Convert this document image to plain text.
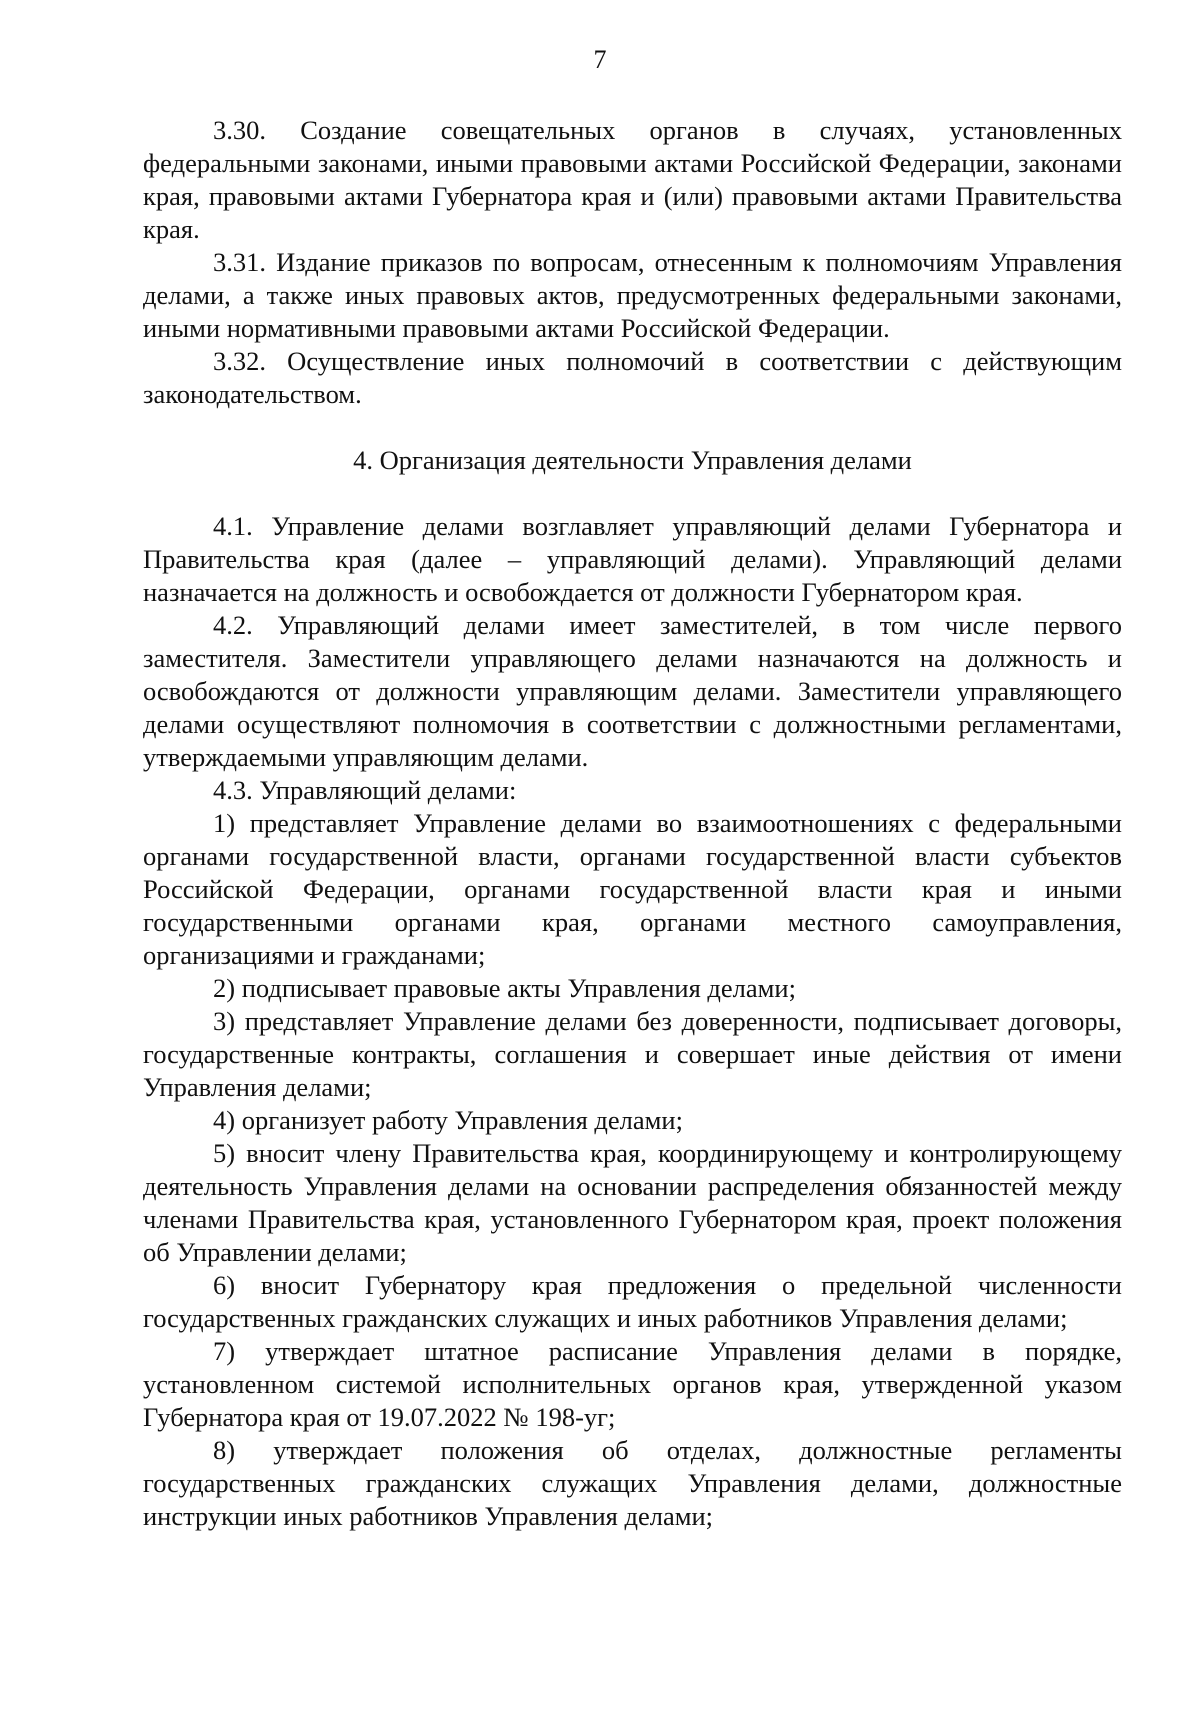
7

3.30. Создание совещательных органов в случаях, установленных федеральными законами, иными правовыми актами Российской Федерации, законами края, правовыми актами Губернатора края и (или) правовыми актами Правительства края.

3.31. Издание приказов по вопросам, отнесенным к полномочиям Управления делами, а также иных правовых актов, предусмотренных федеральными законами, иными нормативными правовыми актами Российской Федерации.

3.32. Осуществление иных полномочий в соответствии с действующим законодательством.

4. Организация деятельности Управления делами

4.1. Управление делами возглавляет управляющий делами Губернатора и Правительства края (далее – управляющий делами). Управляющий делами назначается на должность и освобождается от должности Губернатором края.

4.2. Управляющий делами имеет заместителей, в том числе первого заместителя. Заместители управляющего делами назначаются на должность и освобождаются от должности управляющим делами. Заместители управляющего делами осуществляют полномочия в соответствии с должностными регламентами, утверждаемыми управляющим делами.

4.3. Управляющий делами:

1) представляет Управление делами во взаимоотношениях с федеральными органами государственной власти, органами государственной власти субъектов Российской Федерации, органами государственной власти края и иными государственными органами края, органами местного самоуправления, организациями и гражданами;

2) подписывает правовые акты Управления делами;

3) представляет Управление делами без доверенности, подписывает договоры, государственные контракты, соглашения и совершает иные действия от имени Управления делами;

4) организует работу Управления делами;

5) вносит члену Правительства края, координирующему и контролирующему деятельность Управления делами на основании распределения обязанностей между членами Правительства края, установленного Губернатором края, проект положения об Управлении делами;

6) вносит Губернатору края предложения о предельной численности государственных гражданских служащих и иных работников Управления делами;

7) утверждает штатное расписание Управления делами в порядке, установленном системой исполнительных органов края, утвержденной указом Губернатора края от 19.07.2022 № 198-уг;

8) утверждает положения об отделах, должностные регламенты государственных гражданских служащих Управления делами, должностные инструкции иных работников Управления делами;
